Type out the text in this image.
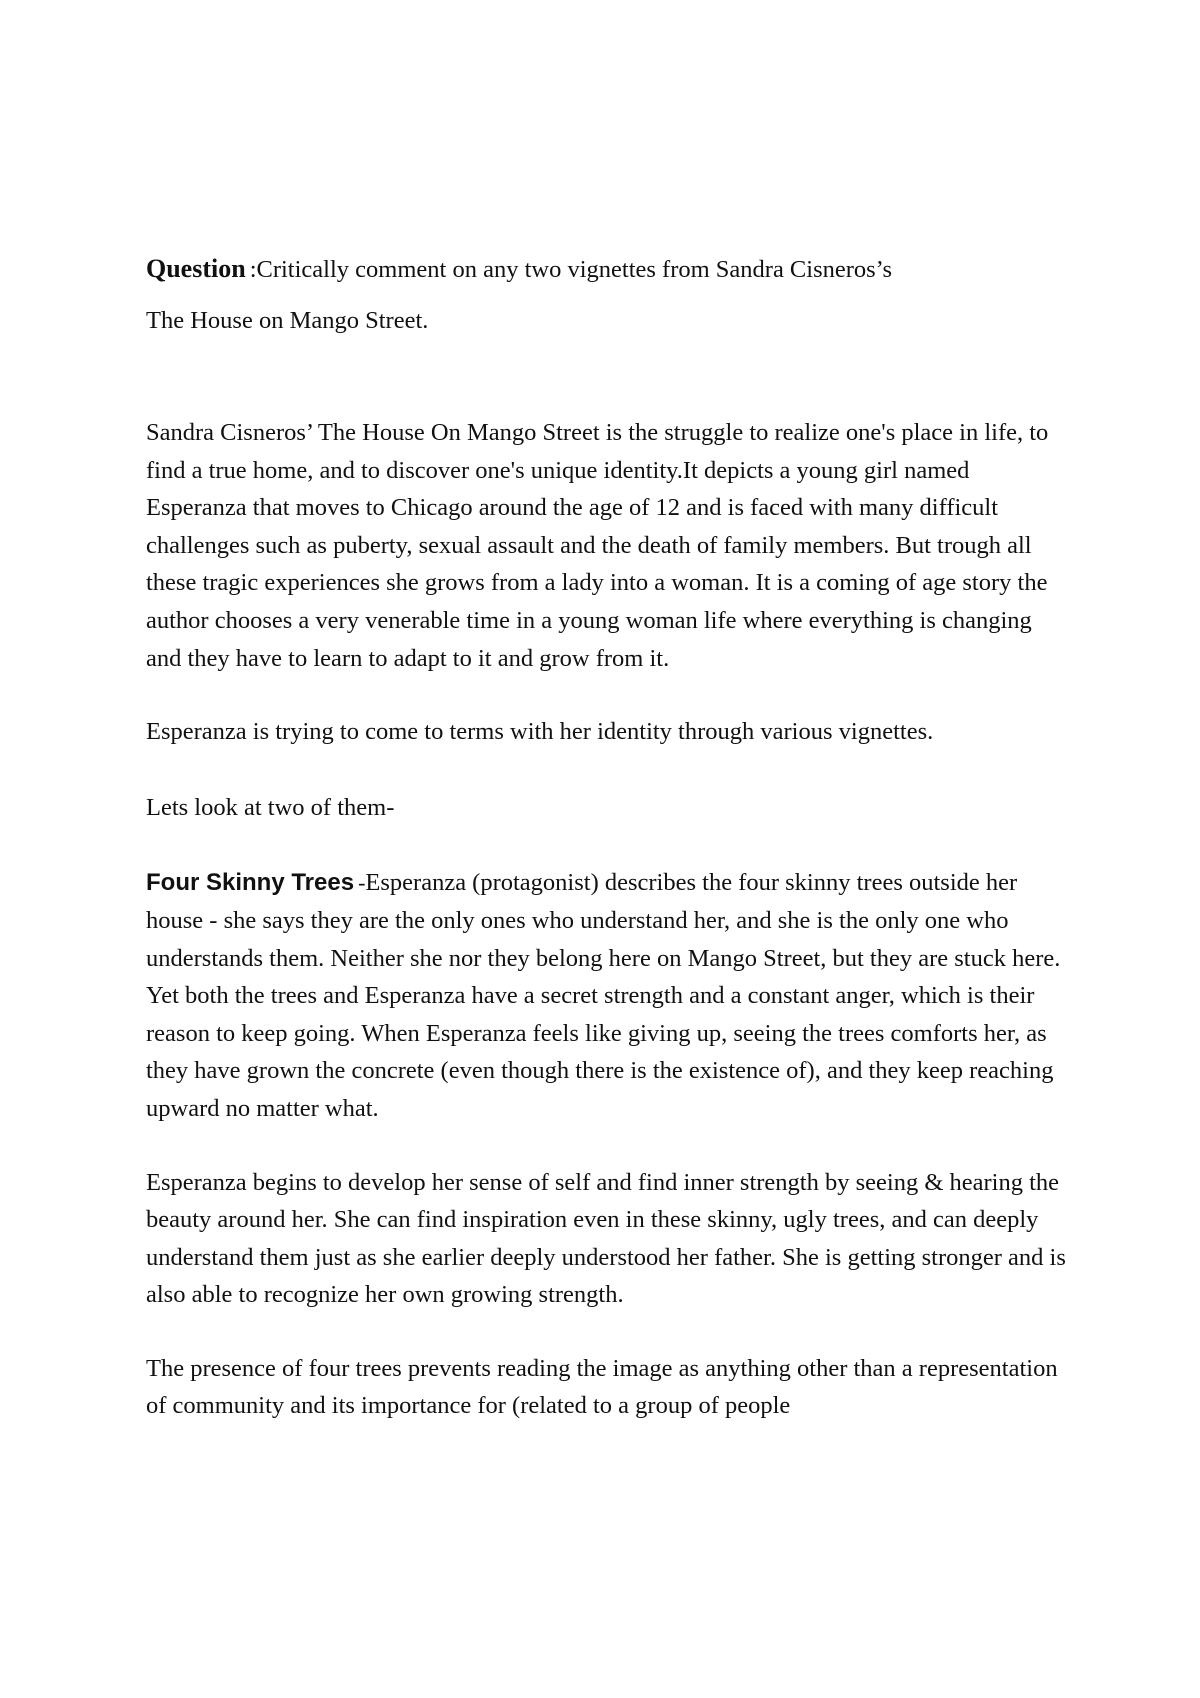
Question :Critically comment on any two vignettes from Sandra Cisneros’s
The House on Mango Street.

Sandra Cisneros’ The House On Mango Street is the struggle to realize one's place in life, to find a true home, and to discover one's unique identity.It depicts a young girl named Esperanza that moves to Chicago around the age of 12 and is faced with many difficult challenges such as puberty, sexual assault and the death of family members. But trough all these tragic experiences she grows from a lady into a woman. It is a coming of age story the author chooses a very venerable time in a young woman life where everything is changing and they have to learn to adapt to it and grow from it.

Esperanza is trying to come to terms with her identity through various vignettes.

Lets look at two of them-

Four Skinny Trees -Esperanza (protagonist) describes the four skinny trees outside her house - she says they are the only ones who understand her, and she is the only one who understands them. Neither she nor they belong here on Mango Street, but they are stuck here. Yet both the trees and Esperanza have a secret strength and a constant anger, which is their reason to keep going. When Esperanza feels like giving up, seeing the trees comforts her, as they have grown the concrete (even though there is the existence of), and they keep reaching upward no matter what.

Esperanza begins to develop her sense of self and find inner strength by seeing & hearing the beauty around her. She can find inspiration even in these skinny, ugly trees, and can deeply understand them just as she earlier deeply understood her father. She is getting stronger and is also able to recognize her own growing strength.

The presence of four trees prevents reading the image as anything other than a representation of community and its importance for (related to a group of people
